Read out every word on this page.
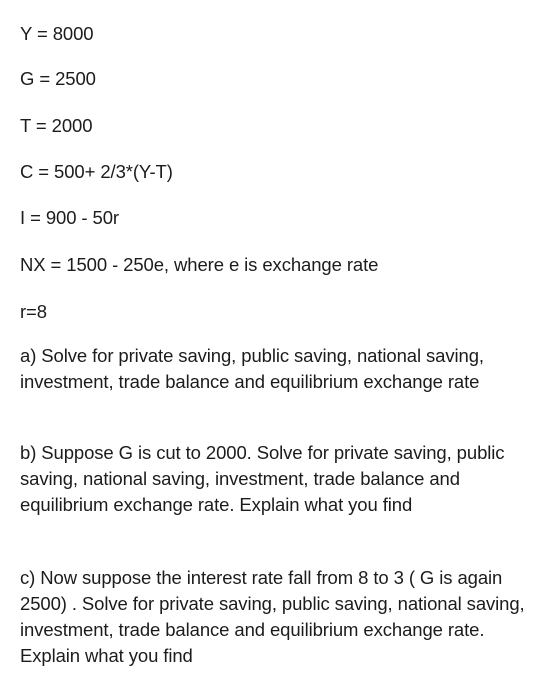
Y = 8000
G = 2500
T = 2000
C = 500+ 2/3*(Y-T)
I = 900 - 50r
NX = 1500 - 250e, where e is exchange rate
r=8
a) Solve for private saving, public saving, national saving, investment, trade balance and equilibrium exchange rate
b) Suppose G is cut to 2000. Solve for private saving, public saving, national saving, investment, trade balance and equilibrium exchange rate. Explain what you find
c) Now suppose the interest rate fall from 8 to 3 ( G is again 2500) . Solve for private saving, public saving, national saving, investment, trade balance and equilibrium exchange rate. Explain what you find
